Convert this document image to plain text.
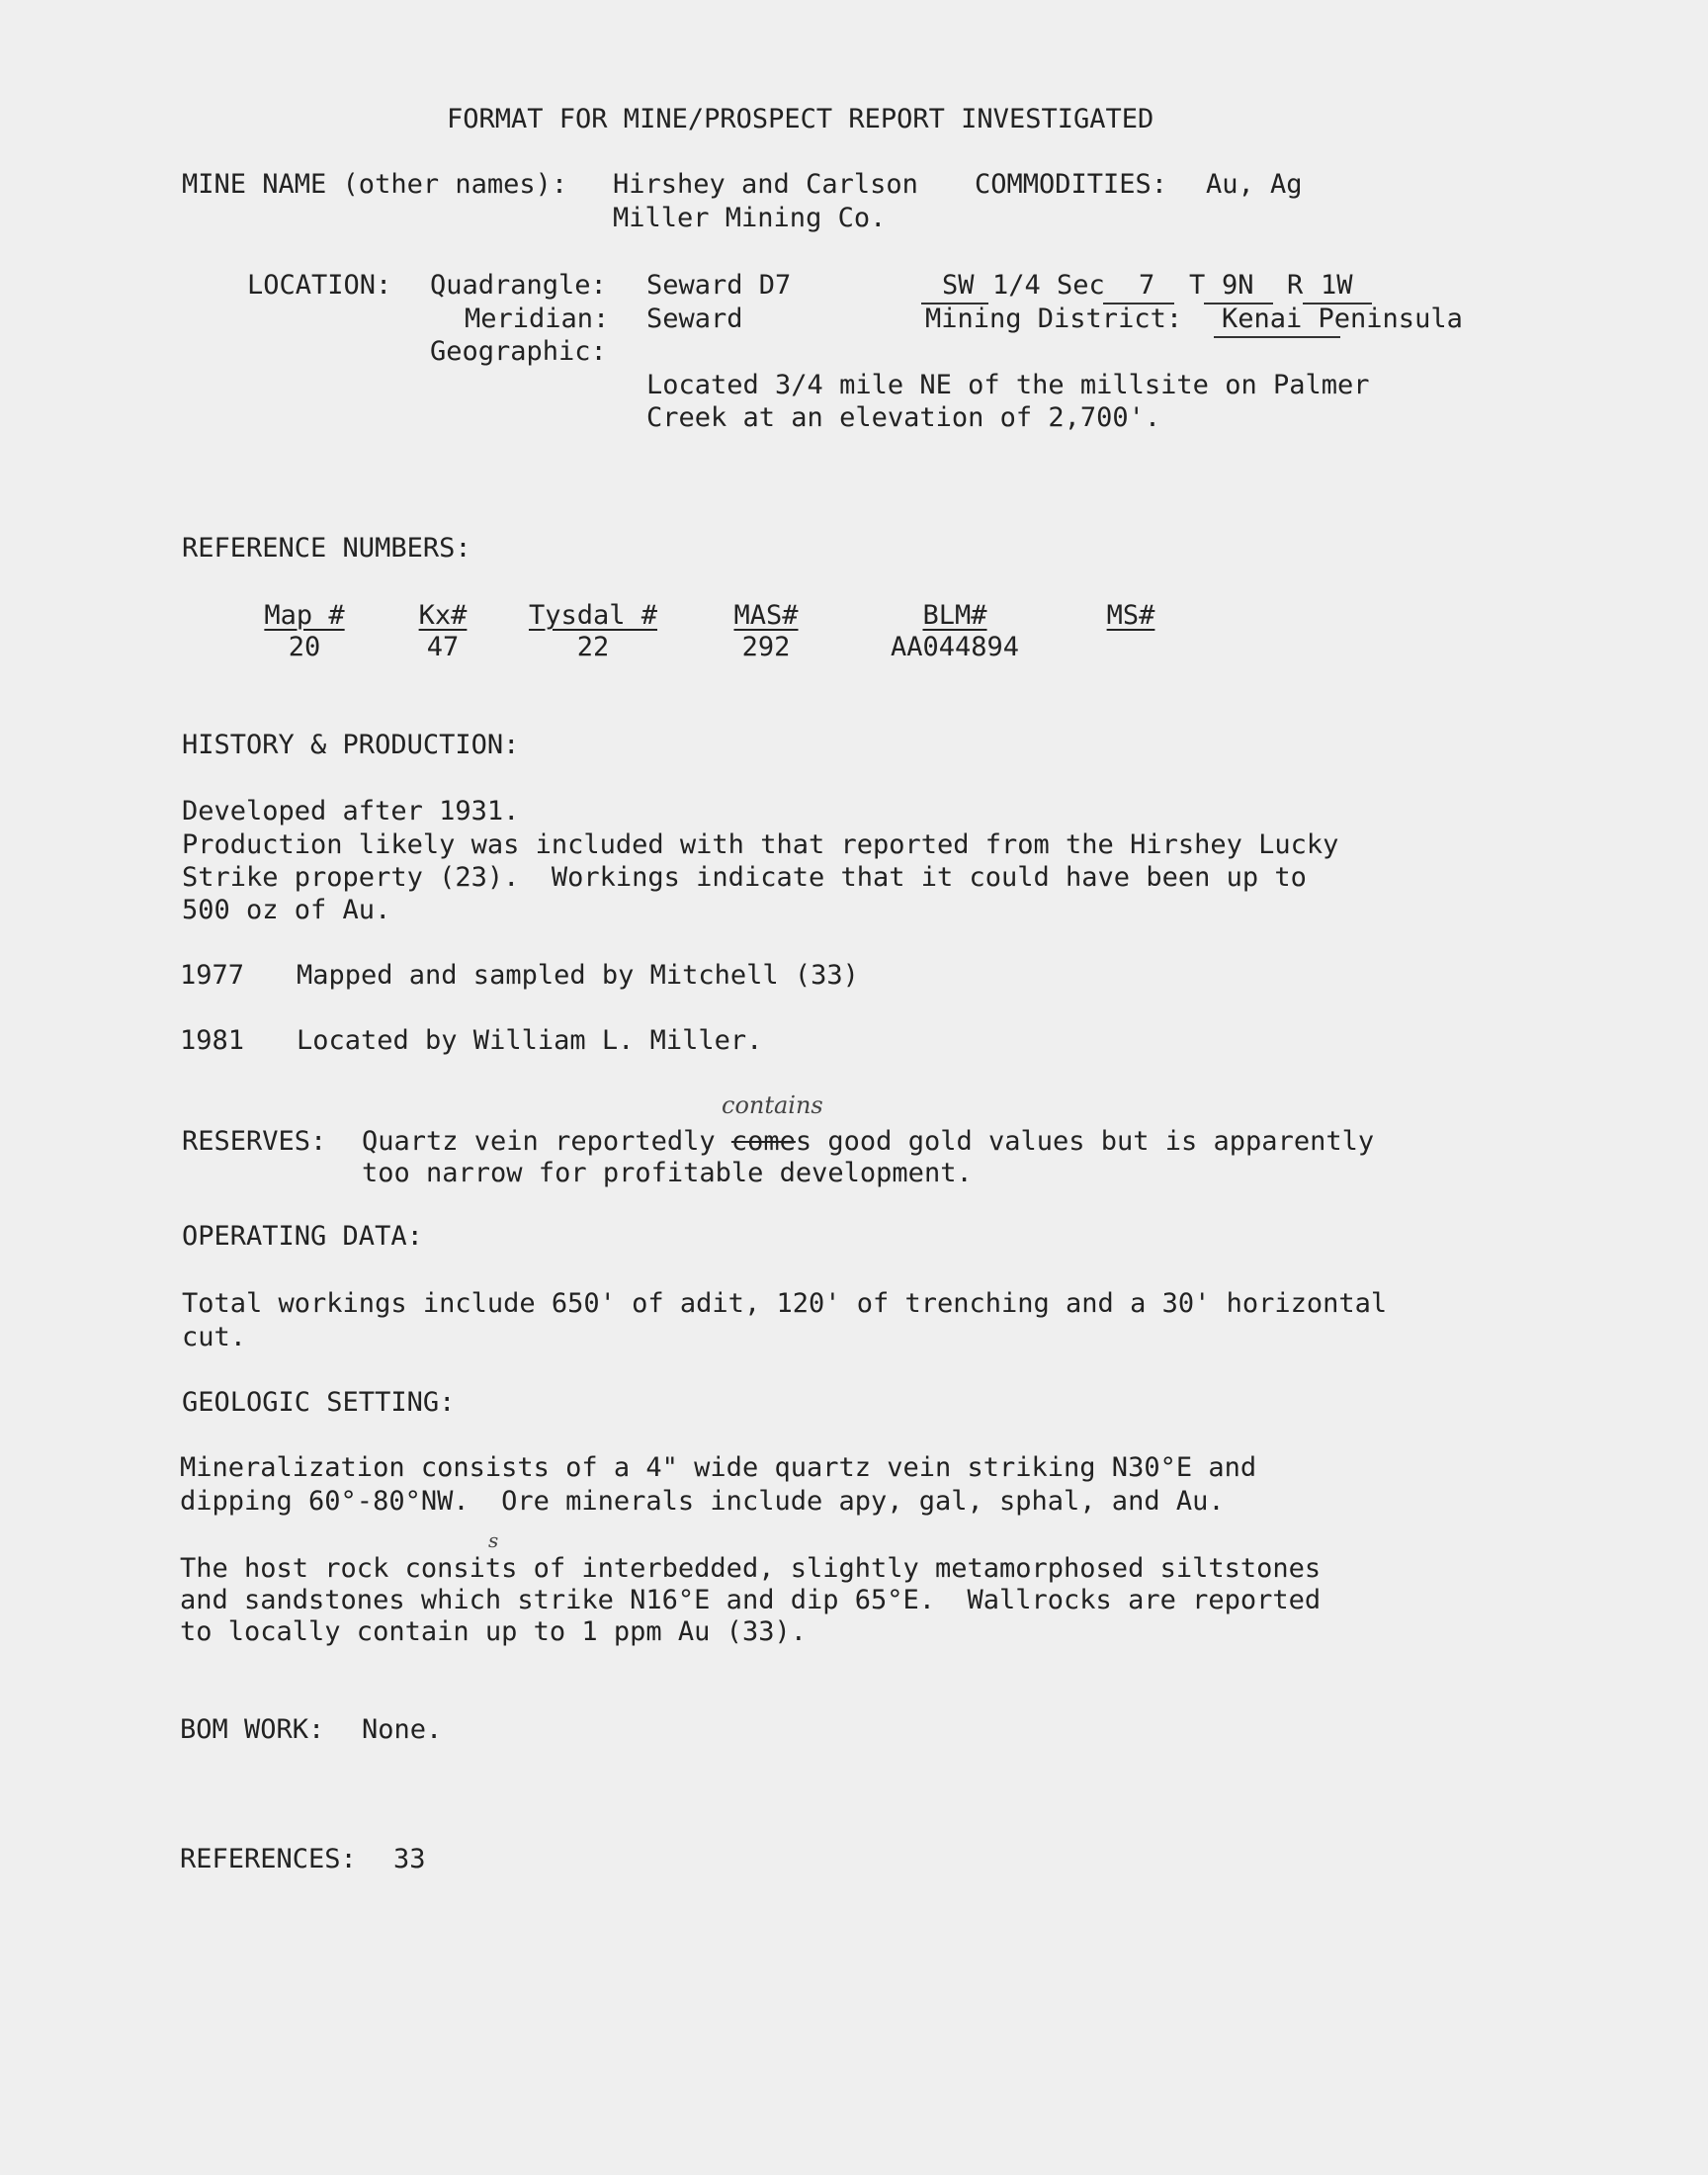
FORMAT FOR MINE/PROSPECT REPORT INVESTIGATED
MINE NAME (other names): Hirshey and Carlson
Miller Mining Co.
COMMODITIES: Au, Ag
LOCATION: Quadrangle: Seward D7
Meridian: Seward
Geographic:
Located 3/4 mile NE of the millsite on Palmer
Creek at an elevation of 2,700'.
SW 1/4 Sec 7 T 9N R 1W
Mining District: Kenai Peninsula
REFERENCE NUMBERS:
Map #
20
Kx#
47
Tysdal #
22
MAS#
292
BLM#
AA044894
MS#
HISTORY & PRODUCTION:
Developed after 1931.
Production likely was included with that reported from the Hirshey Lucky
Strike property (23).  Workings indicate that it could have been up to
500 oz of Au.
1977 Mapped and sampled by Mitchell (33)
1981 Located by William L. Miller.
contains
RESERVES: Quartz vein reportedly comes good gold values but is apparently
too narrow for profitable development.
OPERATING DATA:
Total workings include 650' of adit, 120' of trenching and a 30' horizontal
cut.
GEOLOGIC SETTING:
Mineralization consists of a 4" wide quartz vein striking N30°E and
dipping 60°-80°NW.  Ore minerals include apy, gal, sphal, and Au.
s
The host rock consits of interbedded, slightly metamorphosed siltstones
and sandstones which strike N16°E and dip 65°E.  Wallrocks are reported
to locally contain up to 1 ppm Au (33).
BOM WORK: None.
REFERENCES: 33
